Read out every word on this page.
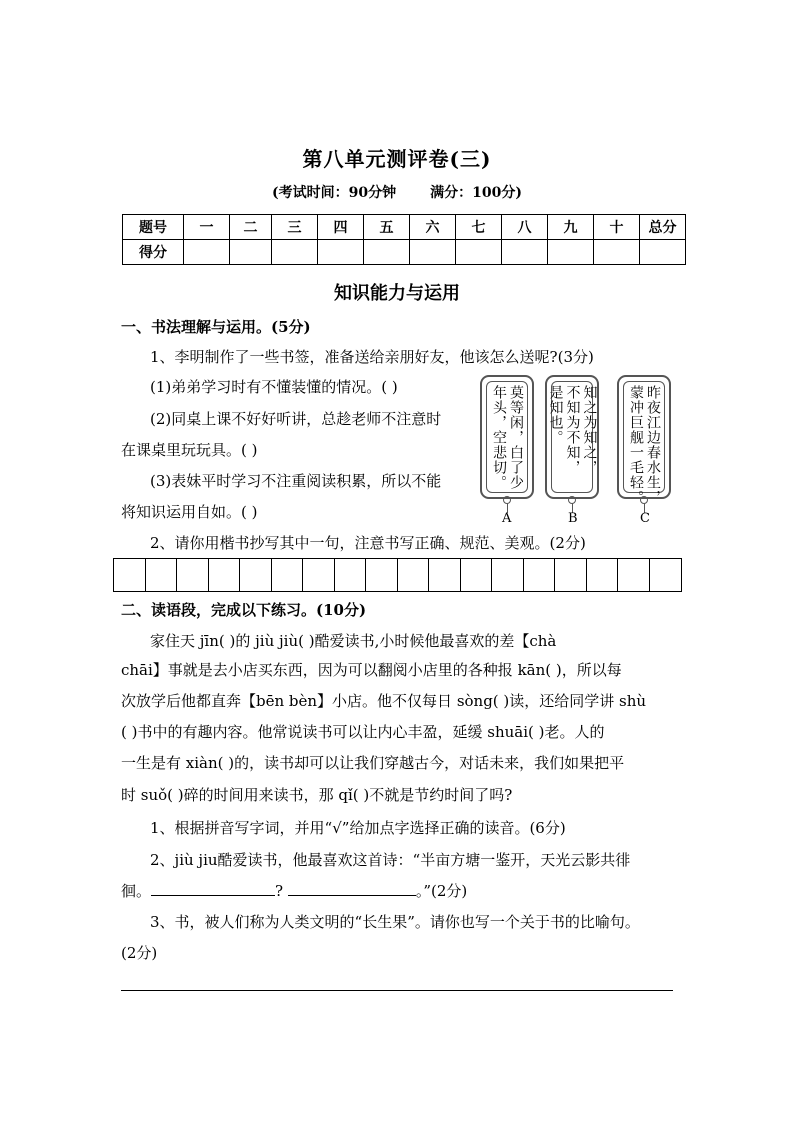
第八单元测评卷(三)
(考试时间：90分钟 满分：100分)
题号	一	二	三	四	五	六	七	八	九	十	总分
得分											
知识能力与运用
一、书法理解与运用。(5分)
1、李明制作了一些书签，准备送给亲朋好友，他该怎么送呢?(3分)
(1)弟弟学习时有不懂装懂的情况。( )
(2)同桌上课不好好听讲，总趁老师不注意时
在课桌里玩玩具。( )
(3)表妹平时学习不注重阅读积累，所以不能
将知识运用自如。( )
莫等闲，白了少
年头，空悲切。
A
知之为知之，
不知为不知，
是知也。
B
昨夜江边春水生，
蒙冲巨舰一毛轻。
C
2、请你用楷书抄写其中一句，注意书写正确、规范、美观。(2分)
二、读语段，完成以下练习。(10分)
家住天 jīn( )的 jiù jiù( )酷爱读书,小时候他最喜欢的差【chà
chāi】事就是去小店买东西，因为可以翻阅小店里的各种报 kān( )，所以每
次放学后他都直奔【bēn bèn】小店。他不仅每日 sòng( )读，还给同学讲 shù
( )书中的有趣内容。他常说读书可以让内心丰盈，延缓 shuāi( )老。人的
一生是有 xiàn( )的，读书却可以让我们穿越古今，对话未来，我们如果把平
时 suǒ( )碎的时间用来读书，那 qǐ( )不就是节约时间了吗?
1、根据拼音写字词，并用“√”给加点字选择正确的读音。(6分)
2、jiù jiu酷爱读书，他最喜欢这首诗：“半亩方塘一鉴开，天光云影共徘
徊。	?	。”(2分)
3、书，被人们称为人类文明的“长生果”。请你也写一个关于书的比喻句。
(2分)
